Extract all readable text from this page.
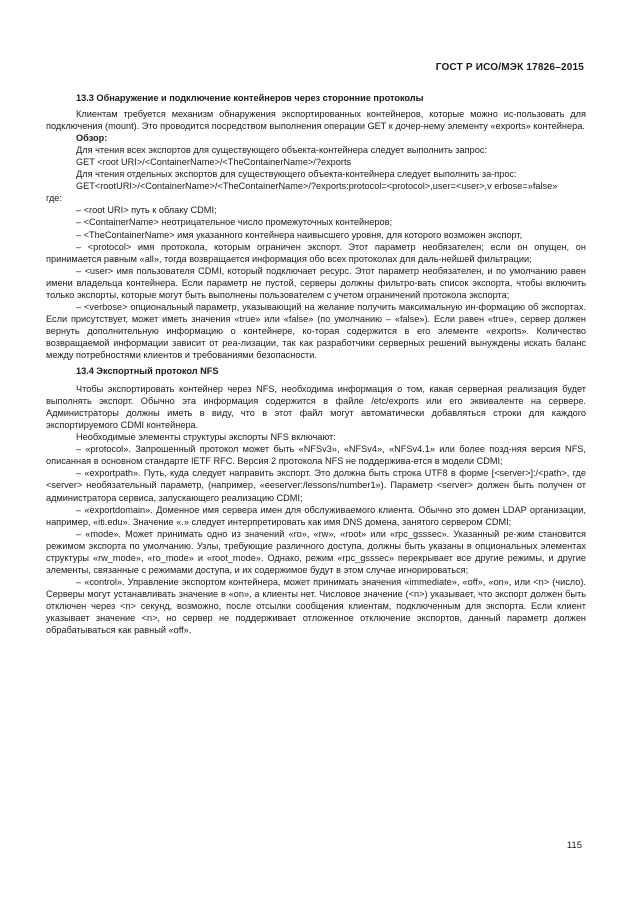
ГОСТ Р ИСО/МЭК 17826–2015
13.3 Обнаружение и подключение контейнеров через сторонние протоколы

Клиентам требуется механизм обнаружения экспортированных контейнеров, которые можно ис-пользовать для подключения (mount). Это проводится посредством выполнения операции GET к дочер-нему элементу «exports» контейнера.

Обзор:

Для чтения всех экспортов для существующего объекта-контейнера следует выполнить запрос:

GET <root URI>/<ContainerName>/<TheContainerName>/?exports

Для чтения отдельных экспортов для существующего объекта-контейнера следует выполнить за-прос:

GET<rootURI>/<ContainerName>/<TheContainerName>/?exports:protocol=<protocol>,user=<user>,v erbose=»false»

где:

– <root URI> путь к облаку CDMI;

– <ContainerName> неотрицательное число промежуточных контейнеров;

– <TheContainerName> имя указанного контейнера наивысшего уровня, для которого возможен экспорт,

– <protocol> имя протокола, которым ограничен экспорт. Этот параметр необязателен; если он опущен, он принимается равным «all», тогда возвращается информация обо всех протоколах для даль-нейшей фильтрации;

– <user> имя пользователя CDMI, который подключает ресурс. Этот параметр необязателен, и по умолчанию равен имени владельца контейнера. Если параметр не пустой, серверы должны фильтро-вать список экспорта, чтобы включить только экспорты, которые могут быть выполнены пользователем с учетом ограничений протокола экспорта;

– <verbose> опциональный параметр, указывающий на желание получить максимальную ин-формацию об экспортах. Если присутствует, может иметь значения «true» или «false» (по умолчанию – «false»). Если равен «true», сервер должен вернуть дополнительную информацию о контейнере, ко-торая содержится в его элементе «exports». Количество возвращаемой информации зависит от реа-лизации, так как разработчики серверных решений вынуждены искать баланс между потребностями клиентов и требованиями безопасности.

13.4 Экспортный протокол NFS

Чтобы экспортировать контейнер через NFS, необходима информация о том, какая серверная реализация будет выполнять экспорт. Обычно эта информация содержится в файле /etc/exports или его эквиваленте на сервере. Администраторы должны иметь в виду, что в этот файл могут автоматически добавляться строки для каждого экспортируемого CDMI контейнера.

Необходимые элементы структуры экспорты NFS включают:

– «protocol». Запрошенный протокол может быть «NFSv3», «NFSv4», «NFSv4.1» или более позд-няя версия NFS, описанная в основном стандарте IETF RFC. Версия 2 протокола NFS не поддержива-ется в модели CDMI;

– «exportpath». Путь, куда следует направить экспорт. Это должна быть строка UTF8 в форме [<server>]:/<path>, где <server> необязательный параметр, (например, «eeserver:/lessons/number1»). Параметр <server> должен быть получен от администратора сервиса, запускающего реализацию CDMI;

– «exportdomain». Доменное имя сервера имен для обслуживаемого клиента. Обычно это домен LDAP организации, например, «iti.edu». Значение «.» следует интерпретировать как имя DNS домена, занятого сервером CDMI;

– «mode». Может принимать одно из значений «ro», «rw», «root» или «rpc_gsssec». Указанный ре-жим становится режимом экспорта по умолчанию. Узлы, требующие различного доступа, должны быть указаны в опциональных элементах структуры «rw_mode», «ro_mode» и «root_mode». Однако, режим «rpc_gsssec» перекрывает все другие режимы, и другие элементы, связанные с режимами доступа, и их содержимое будут в этом случае игнорироваться;

– «control». Управление экспортом контейнера, может принимать значения «immediate», «off», «on», или <n> (число). Серверы могут устанавливать значение в «on», а клиенты нет. Числовое значение (<n>) указывает, что экспорт должен быть отключен через <n> секунд, возможно, после отсылки сообщения клиентам, подключенным для экспорта. Если клиент указывает значение <n>, но сервер не поддерживает отложенное отключение экспортов, данный параметр должен обрабатываться как равный «off».

115
